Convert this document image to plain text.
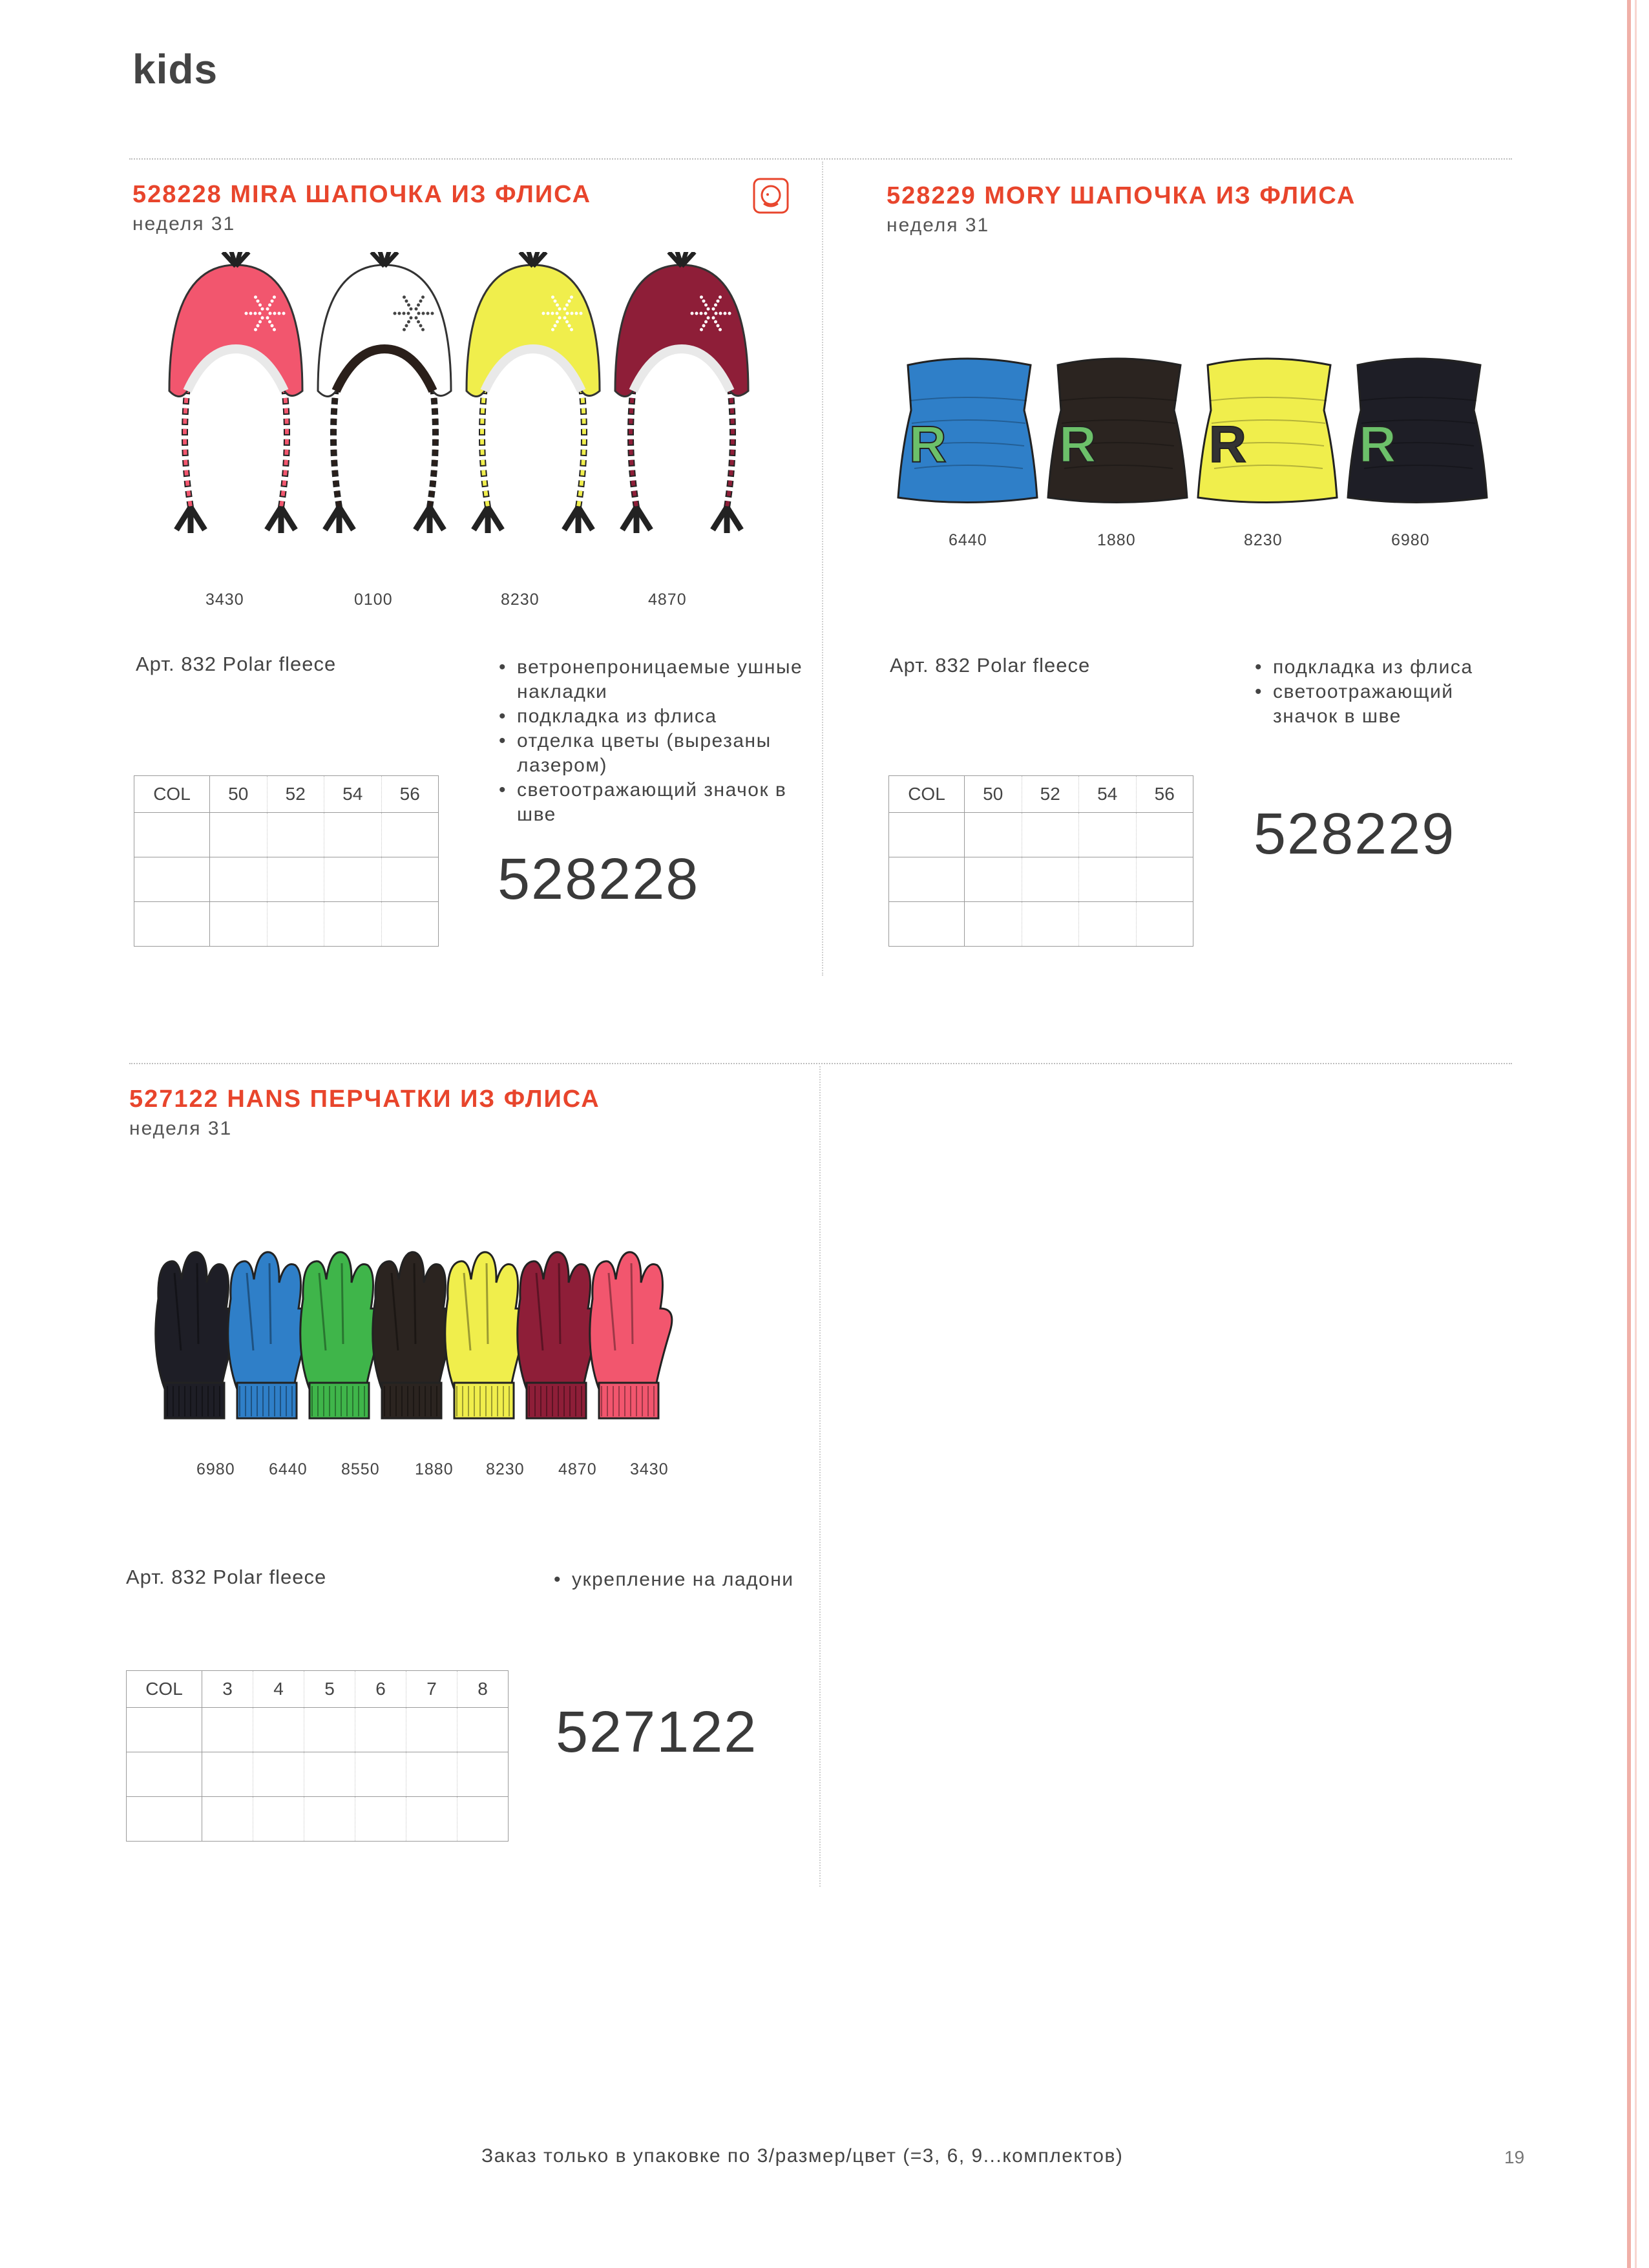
kids
528228 MIRA ШАПОЧКА ИЗ ФЛИСА
неделя 31
3430	0100	8230	4870
Арт. 832 Polar fleece	• ветронепроницаемые ушные накладки
• подкладка из флиса
• отделка цветы (вырезаны лазером)
• светоотражающий значок в шве
COL	50	52	54	56

528228
528229 MORY ШАПОЧКА ИЗ ФЛИСА
неделя 31
R R R R
6440	1880	8230	6980
Арт. 832 Polar fleece	• подкладка из флиса
• светоотражающий значок в шве
COL	50	52	54	56

528229
527122 HANS ПЕРЧАТКИ ИЗ ФЛИСА
неделя 31
6980 6440 8550 1880 8230 4870 3430
Арт. 832 Polar fleece	• укрепление на ладони
COL	3	4	5	6	7	8

527122
Заказ только в упаковке по 3/размер/цвет (=3, 6, 9...комплектов)	19
